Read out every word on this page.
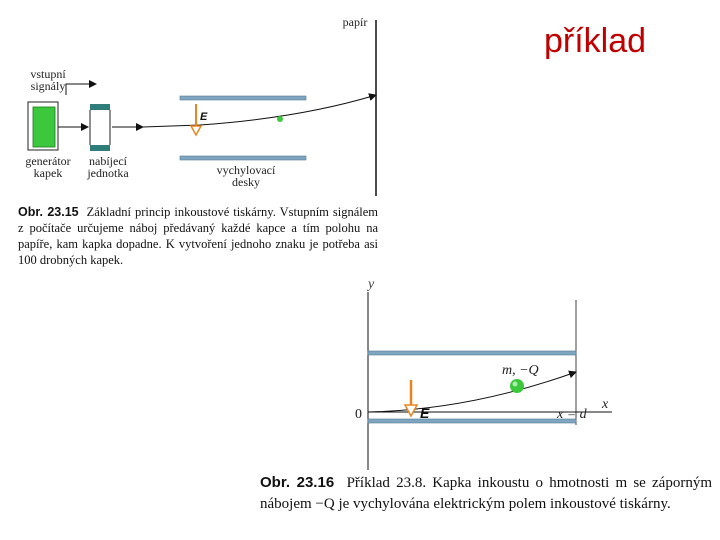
příklad
E
E
y
x
0	x = d
m, −Q
papír
vstupní
signály
generátor
kapek
nabíjecí
jednotka	vychylovací
desky
Obr. 23.15 Základní princip inkoustové tiskárny. Vstupním signálem z počítače určujeme náboj předávaný každé kapce a tím polohu na papíře, kam kapka dopadne. K vytvoření jednoho znaku je potřeba asi 100 drobných kapek.
Obr. 23.16 Příklad 23.8. Kapka inkoustu o hmotnosti m se záporným nábojem −Q je vychylována elektrickým polem inkoustové tiskárny.
